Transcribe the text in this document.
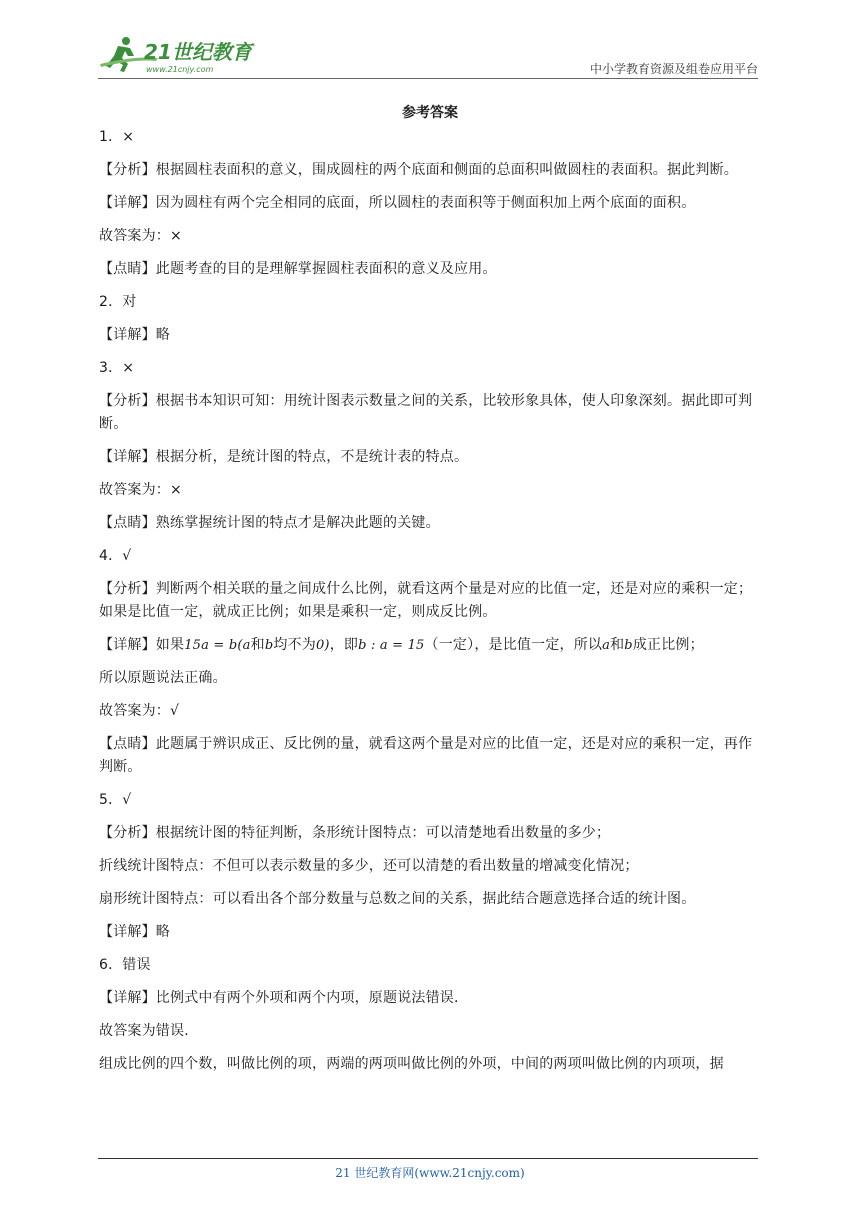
21世纪教育
www.21cnjy.com	中小学教育资源及组卷应用平台
参考答案
1．×
【分析】根据圆柱表面积的意义，围成圆柱的两个底面和侧面的总面积叫做圆柱的表面积。据此判断。
【详解】因为圆柱有两个完全相同的底面，所以圆柱的表面积等于侧面积加上两个底面的面积。
故答案为：×
【点睛】此题考查的目的是理解掌握圆柱表面积的意义及应用。
2．对
【详解】略
3．×
【分析】根据书本知识可知：用统计图表示数量之间的关系，比较形象具体，使人印象深刻。据此即可判断。
【详解】根据分析，是统计图的特点，不是统计表的特点。
故答案为：×
【点睛】熟练掌握统计图的特点才是解决此题的关键。
4．√
【分析】判断两个相关联的量之间成什么比例，就看这两个量是对应的比值一定，还是对应的乘积一定；如果是比值一定，就成正比例；如果是乘积一定，则成反比例。
【详解】如果15a = b(a和b均不为0)，即b : a = 15（一定），是比值一定，所以a和b成正比例；
所以原题说法正确。
故答案为：√
【点睛】此题属于辨识成正、反比例的量，就看这两个量是对应的比值一定，还是对应的乘积一定，再作判断。
5．√
【分析】根据统计图的特征判断，条形统计图特点：可以清楚地看出数量的多少；
折线统计图特点：不但可以表示数量的多少，还可以清楚的看出数量的增减变化情况；
扇形统计图特点：可以看出各个部分数量与总数之间的关系，据此结合题意选择合适的统计图。
【详解】略
6．错误
【详解】比例式中有两个外项和两个内项，原题说法错误.
故答案为错误.
组成比例的四个数，叫做比例的项，两端的两项叫做比例的外项，中间的两项叫做比例的内项项，据
21 世纪教育网(www.21cnjy.com)
